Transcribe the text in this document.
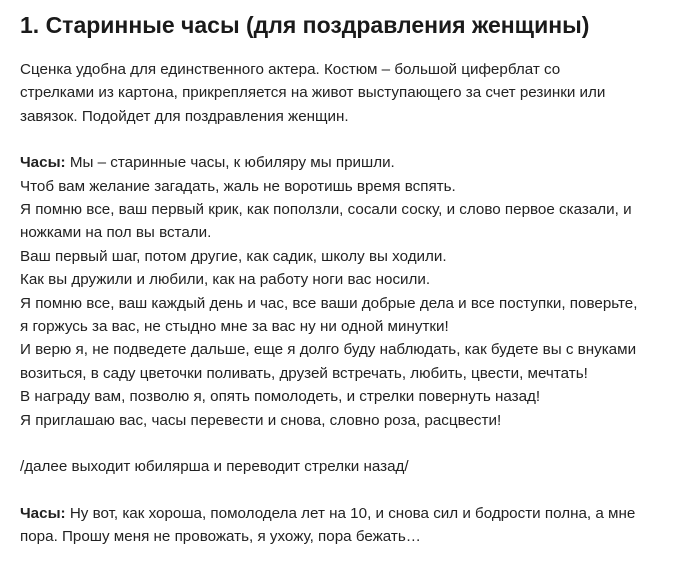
1. Старинные часы (для поздравления женщины)

Сценка удобна для единственного актера. Костюм – большой циферблат со
стрелками из картона, прикрепляется на живот выступающего за счет резинки или
завязок. Подойдет для поздравления женщин.

Часы: Мы – старинные часы, к юбиляру мы пришли.
Чтоб вам желание загадать, жаль не воротишь время вспять.
Я помню все, ваш первый крик, как поползли, сосали соску, и слово первое сказали, и
ножками на пол вы встали.
Ваш первый шаг, потом другие, как садик, школу вы ходили.
Как вы дружили и любили, как на работу ноги вас носили.
Я помню все, ваш каждый день и час, все ваши добрые дела и все поступки, поверьте,
я горжусь за вас, не стыдно мне за вас ну ни одной минутки!
И верю я, не подведете дальше, еще я долго буду наблюдать, как будете вы с внуками
возиться, в саду цветочки поливать, друзей встречать, любить, цвести, мечтать!
В награду вам, позволю я, опять помолодеть, и стрелки повернуть назад!
Я приглашаю вас, часы перевести и снова, словно роза, расцвести!

/далее выходит юбилярша и переводит стрелки назад/

Часы: Ну вот, как хороша, помолодела лет на 10, и снова сил и бодрости полна, а мне
пора. Прошу меня не провожать, я ухожу, пора бежать…
